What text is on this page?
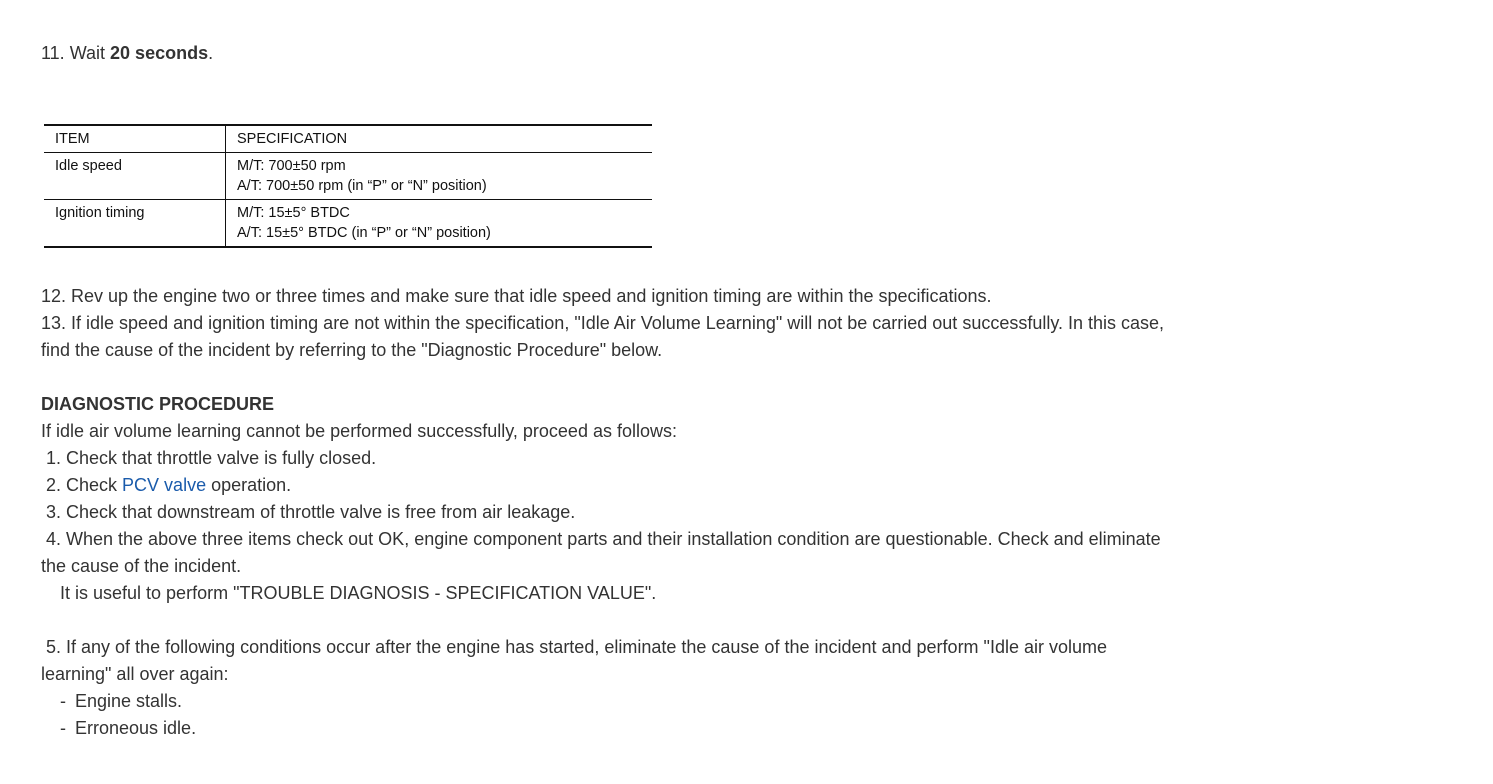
11. Wait 20 seconds.

ITEM	SPECIFICATION
Idle speed	M/T: 700±50 rpm
A/T: 700±50 rpm (in “P” or “N” position)

Ignition timing	M/T: 15±5° BTDC
A/T: 15±5° BTDC (in “P” or “N” position)

12. Rev up the engine two or three times and make sure that idle speed and ignition timing are within the specifications.

13. If idle speed and ignition timing are not within the specification, "Idle Air Volume Learning" will not be carried out successfully. In this case,

find the cause of the incident by referring to the "Diagnostic Procedure" below.

DIAGNOSTIC PROCEDURE

If idle air volume learning cannot be performed successfully, proceed as follows:

1. Check that throttle valve is fully closed.

2. Check PCV valve operation.

3. Check that downstream of throttle valve is free from air leakage.

4. When the above three items check out OK, engine component parts and their installation condition are questionable. Check and eliminate

the cause of the incident.

It is useful to perform "TROUBLE DIAGNOSIS - SPECIFICATION VALUE".

5. If any of the following conditions occur after the engine has started, eliminate the cause of the incident and perform "Idle air volume

learning" all over again:

- Engine stalls.

- Erroneous idle.
